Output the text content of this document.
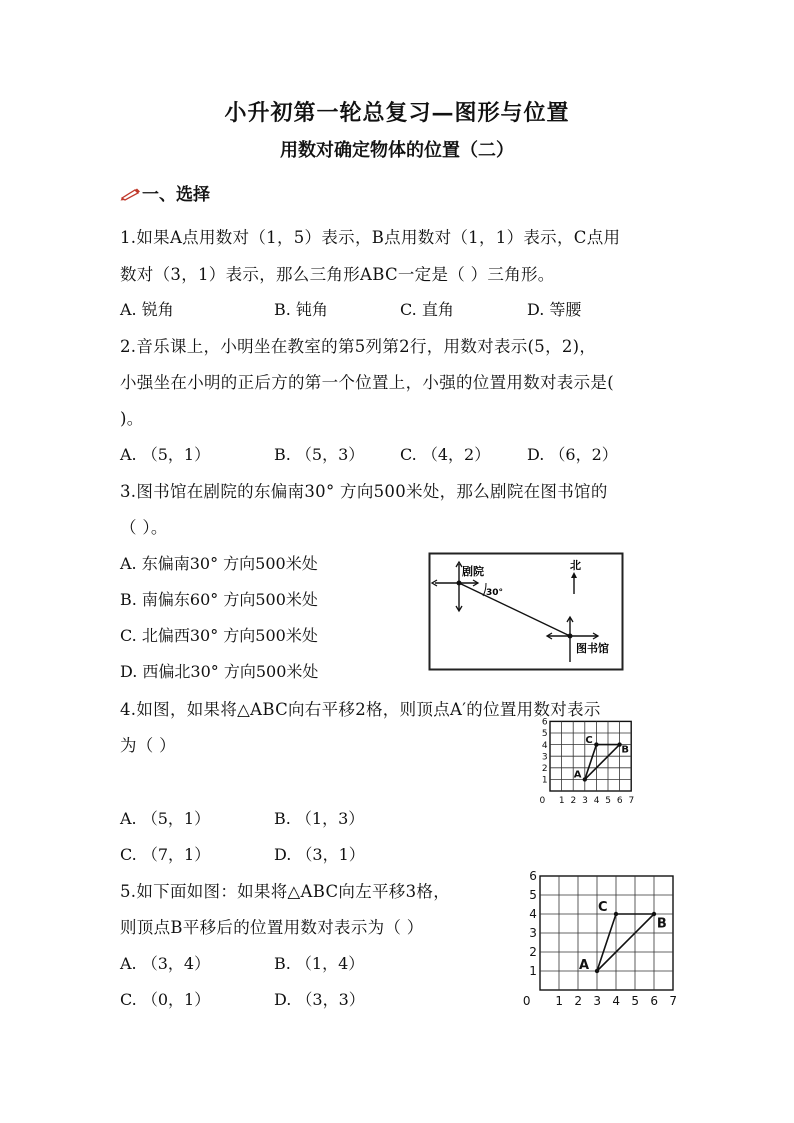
小升初第一轮总复习—图形与位置
用数对确定物体的位置（二）
一、选择
1.如果A点用数对（1，5）表示，B点用数对（1，1）表示，C点用
数对（3，1）表示，那么三角形ABC一定是（ ）三角形。
A. 锐角	B. 钝角	C. 直角	D. 等腰
2.音乐课上，小明坐在教室的第5列第2行，用数对表示(5，2)，
小强坐在小明的正后方的第一个位置上，小强的位置用数对表示是(
)。
A. （5，1）	B. （5，3） C. （4，2） D. （6，2）
3.图书馆在剧院的东偏南30° 方向500米处，那么剧院在图书馆的
（ ）。
A. 东偏南30° 方向500米处
B. 南偏东60° 方向500米处
C. 北偏西30° 方向500米处
D. 西偏北30° 方向500米处
剧院
30°
图书馆
北
4.如图，如果将△ABC向右平移2格，则顶点A′的位置用数对表示
为（ ）
A. （5，1）	B. （1，3）
C. （7，1）	D. （3，1）
0 1 2 3 4 5 6 7
1
2
3
4
5
6
A
B
C
5.如下面如图：如果将△ABC向左平移3格，
则顶点B平移后的位置用数对表示为（ ）
A. （3，4）	B. （1，4）
C. （0，1）	D. （3，3）	0 1 2 3 4 5 6 7
1
2
3
4
5
6
A
B
C
